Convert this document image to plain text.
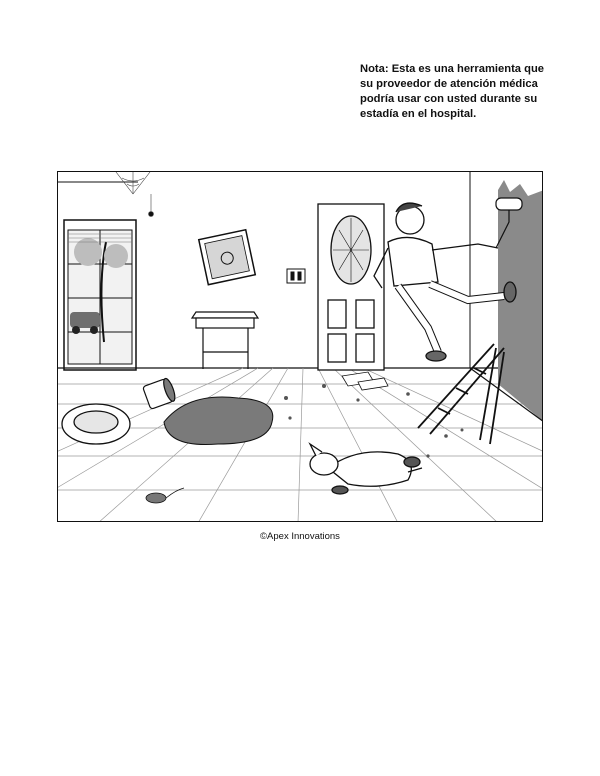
Nota: Esta es una herramienta que

su proveedor de atención médica

podría usar con usted durante su

estadía en el hospital.

©Apex Innovations
